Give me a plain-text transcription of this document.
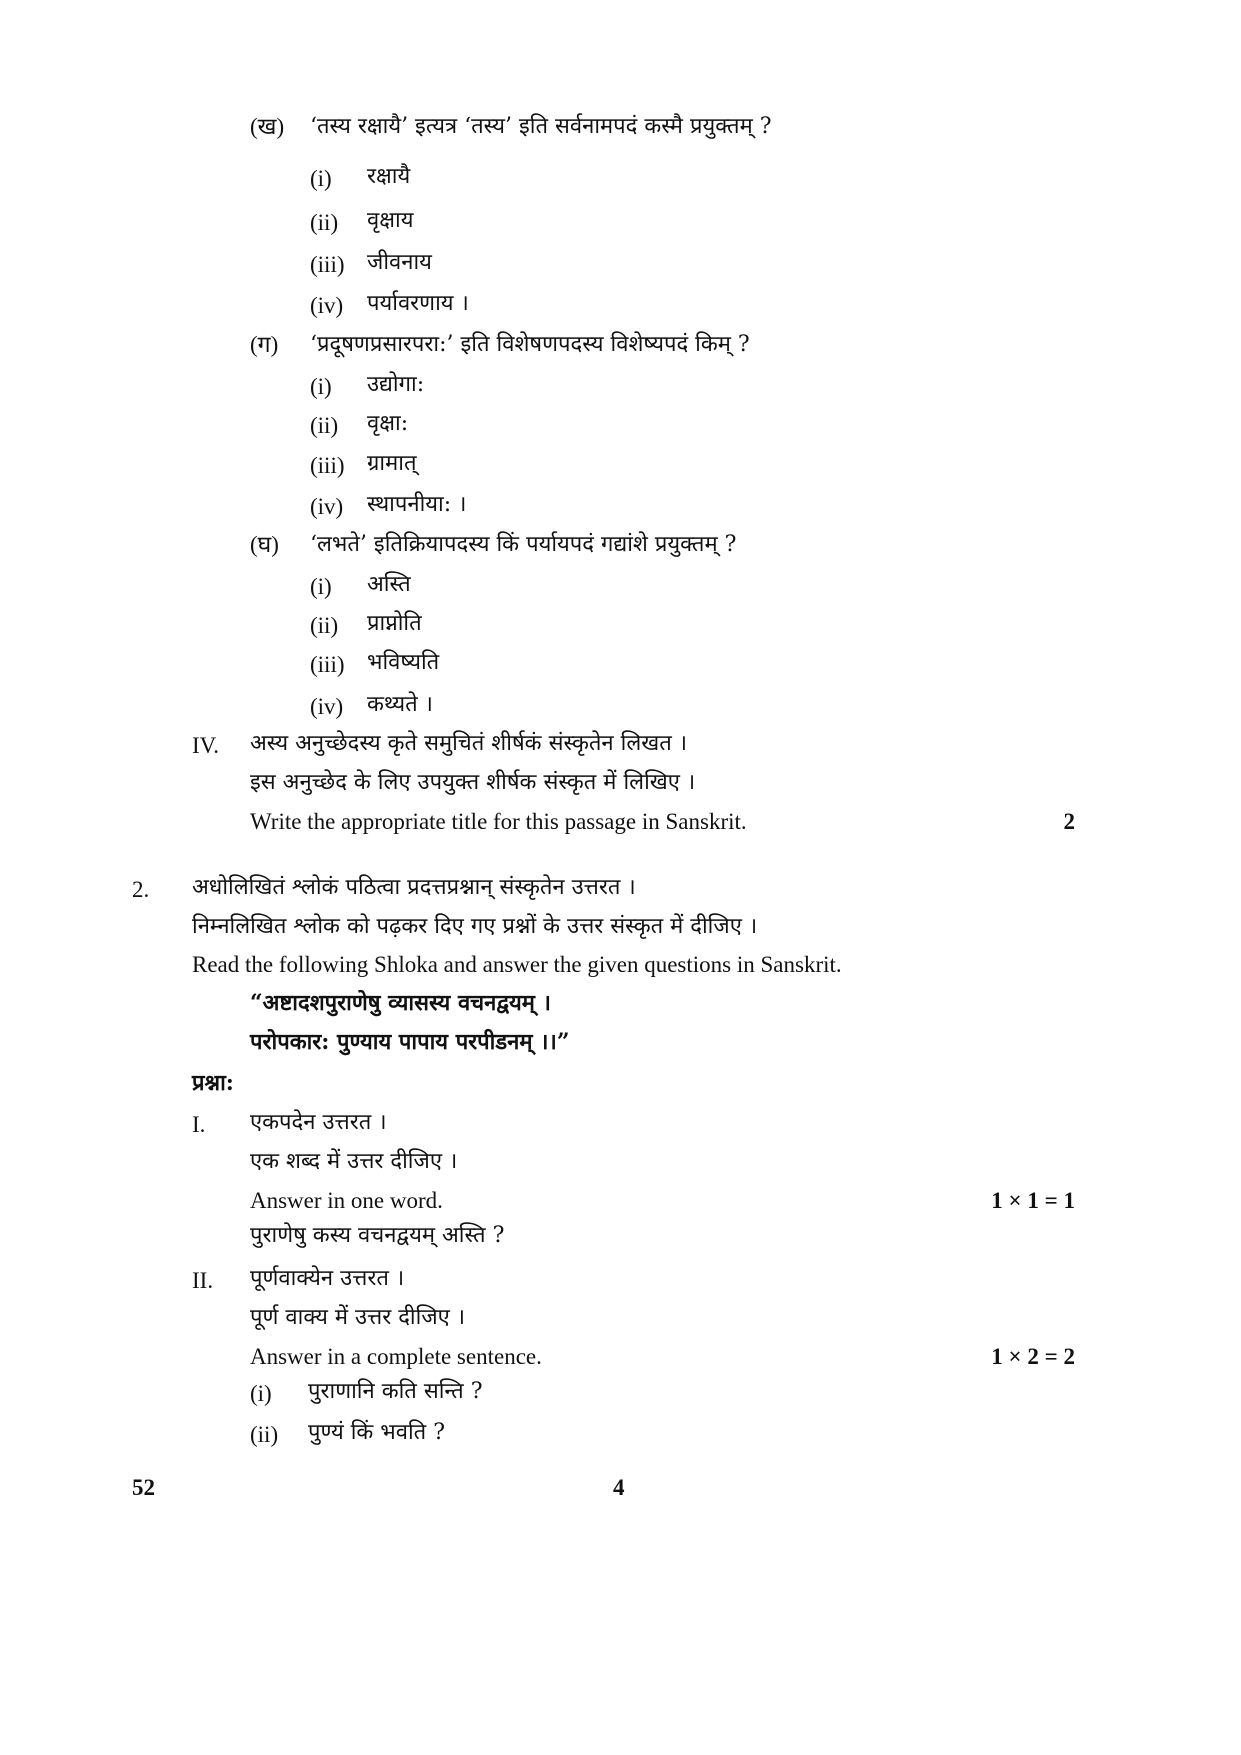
(ख) ‘तस्य रक्षायै’ इत्यत्र ‘तस्य’ इति सर्वनामपदं कस्मै प्रयुक्तम् ?
(i) रक्षायै
(ii) वृक्षाय
(iii) जीवनाय
(iv) पर्यावरणाय ।
(ग) ‘प्रदूषणप्रसारपरा:’ इति विशेषणपदस्य विशेष्यपदं किम् ?
(i) उद्योगा:
(ii) वृक्षा:
(iii) ग्रामात्
(iv) स्थापनीया: ।
(घ) ‘लभते’ इतिक्रियापदस्य किं पर्यायपदं गद्यांशे प्रयुक्तम् ?
(i) अस्ति
(ii) प्राप्नोति
(iii) भविष्यति
(iv) कथ्यते ।
IV. अस्य अनुच्छेदस्य कृते समुचितं शीर्षकं संस्कृतेन लिखत ।
इस अनुच्छेद के लिए उपयुक्त शीर्षक संस्कृत में लिखिए ।
Write the appropriate title for this passage in Sanskrit.	2
2. अधोलिखितं श्लोकं पठित्वा प्रदत्तप्रश्नान् संस्कृतेन उत्तरत ।
निम्नलिखित श्लोक को पढ़कर दिए गए प्रश्नों के उत्तर संस्कृत में दीजिए ।
Read the following Shloka and answer the given questions in Sanskrit.
“अष्टादशपुराणेषु व्यासस्य वचनद्वयम् ।
परोपकार: पुण्याय पापाय परपीडनम् ।।”
प्रश्ना:
I. एकपदेन उत्तरत ।
एक शब्द में उत्तर दीजिए ।
Answer in one word.	1 × 1 = 1
पुराणेषु कस्य वचनद्वयम् अस्ति ?
II. पूर्णवाक्येन उत्तरत ।
पूर्ण वाक्य में उत्तर दीजिए ।
Answer in a complete sentence.	1 × 2 = 2
(i) पुराणानि कति सन्ति ?
(ii) पुण्यं किं भवति ?
52	4
